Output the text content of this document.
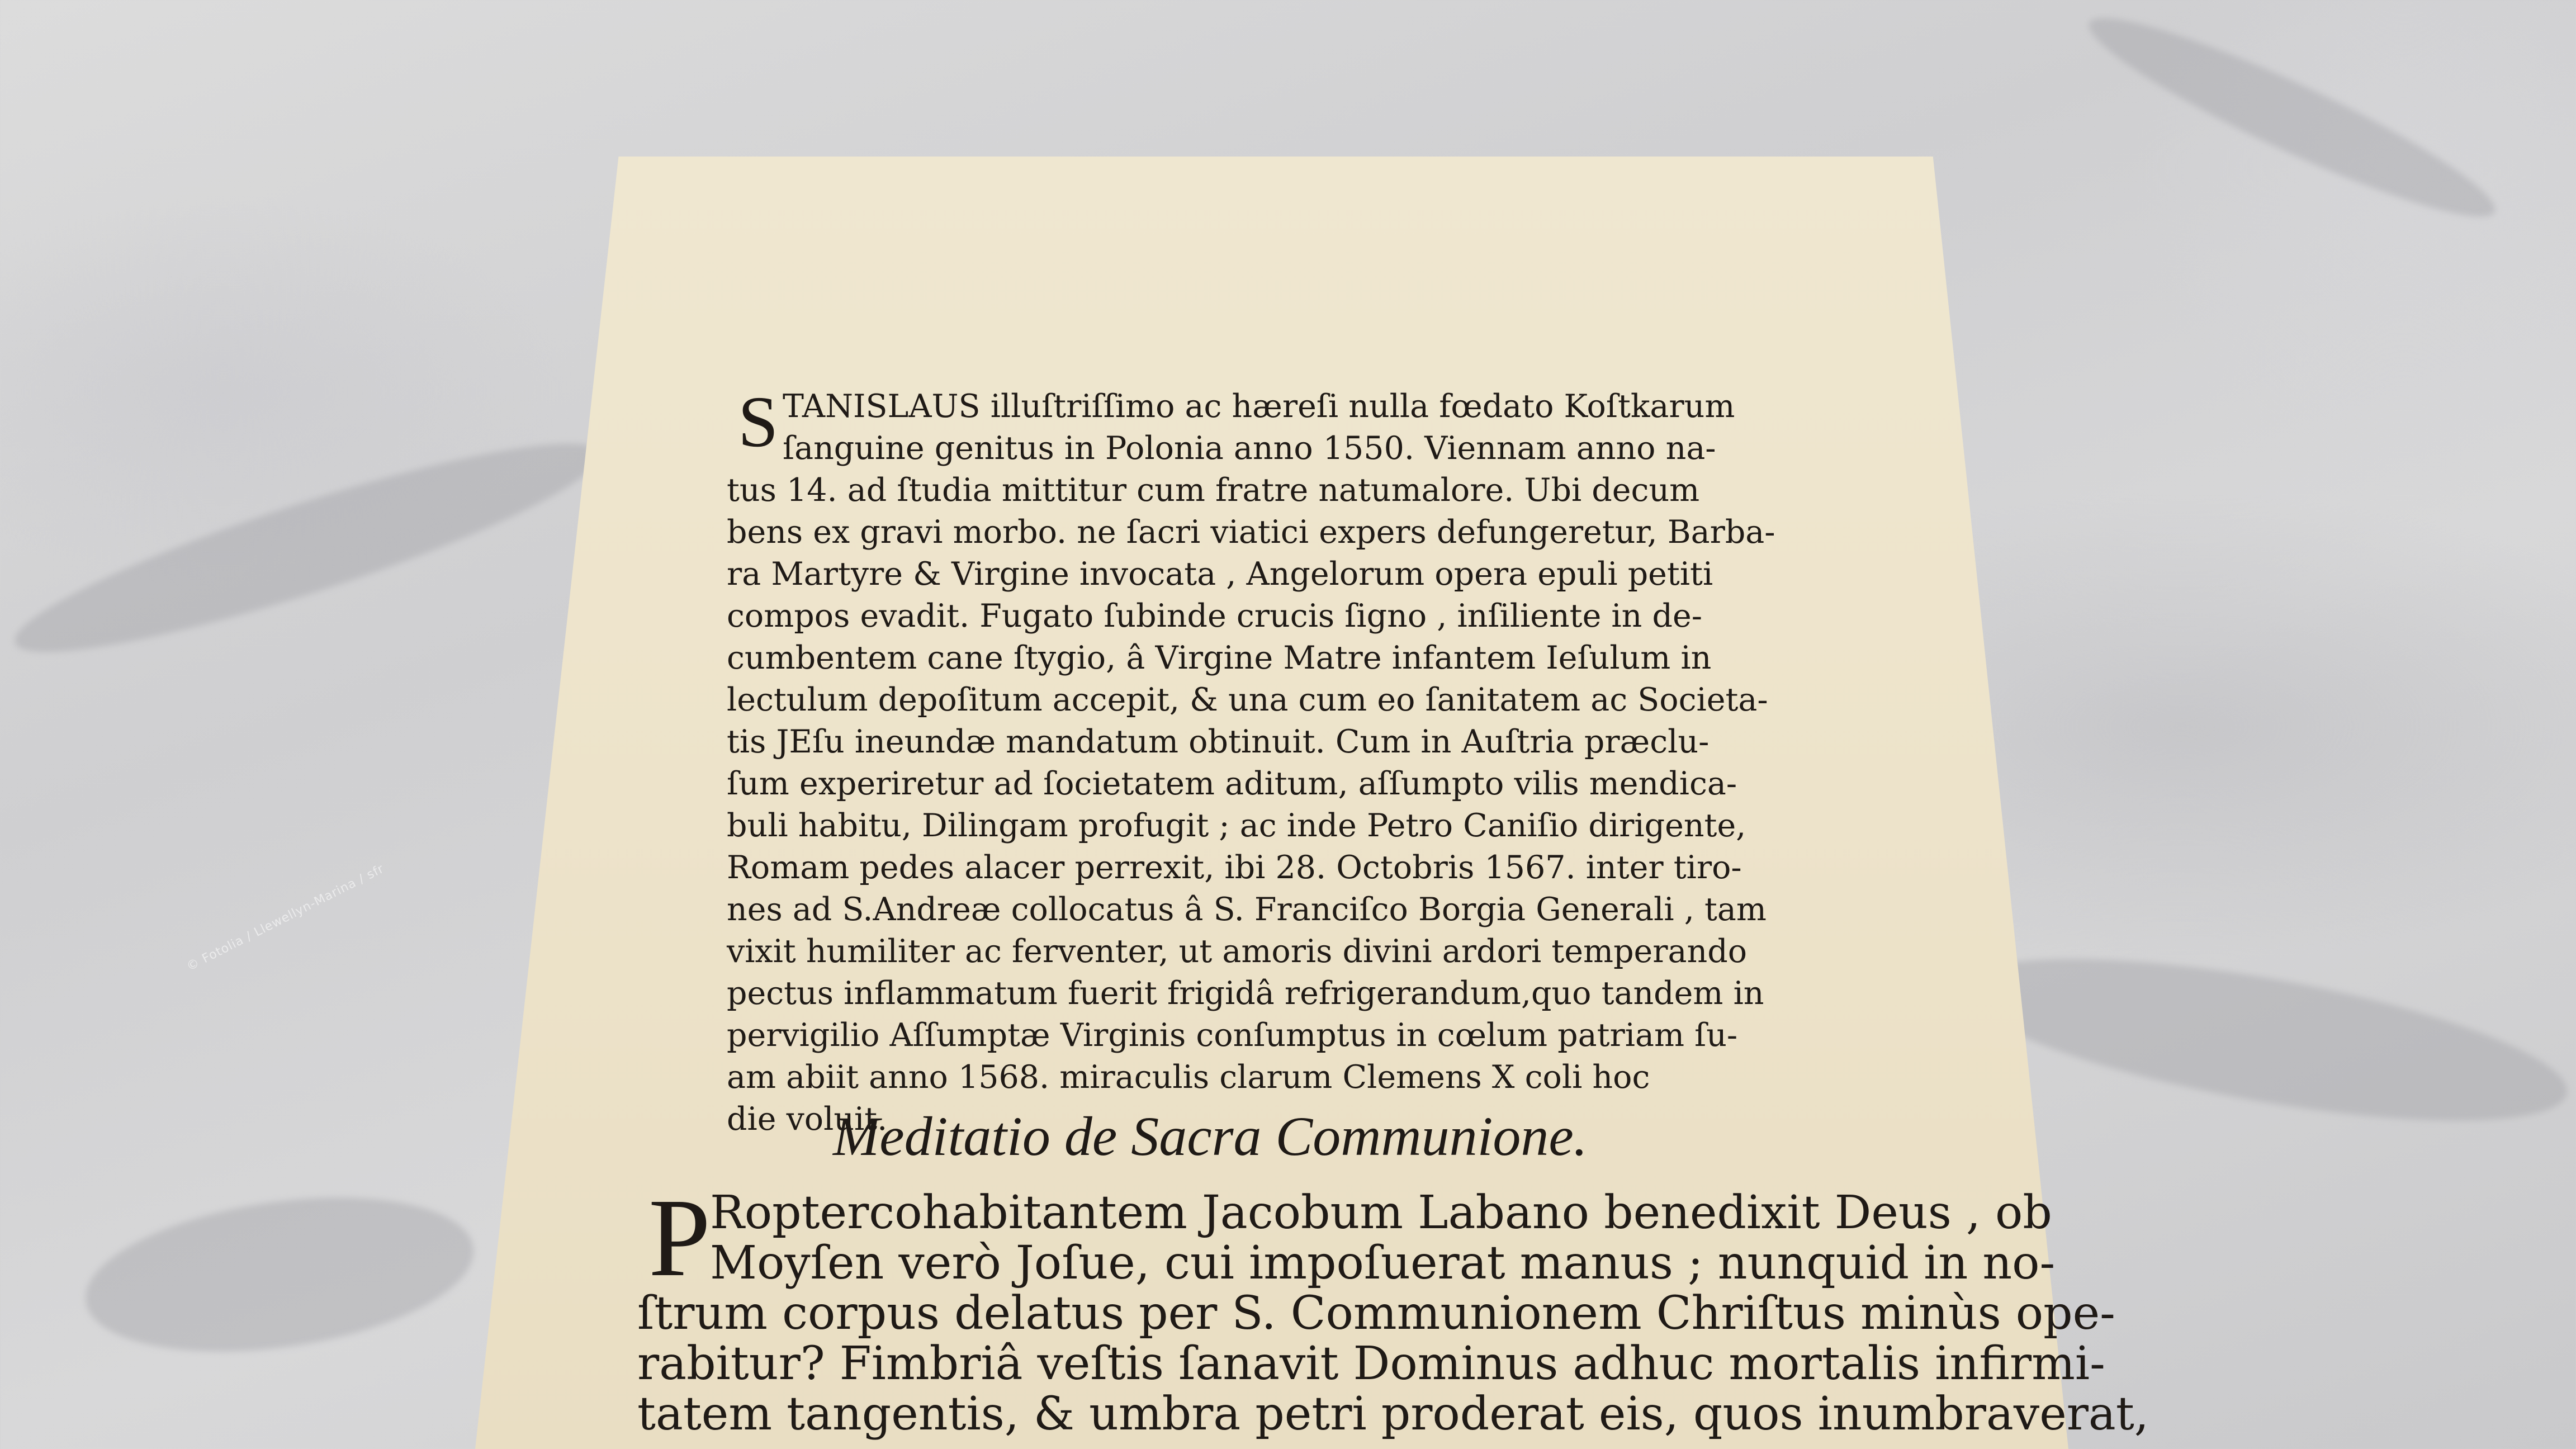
© Fotolia / Llewellyn-Marina / sfr
S TANISLAUS illuſtriſſimo ac hæreſi nulla fœdato Koſtkarum
ſanguine genitus in Polonia anno 1550. Viennam anno na-
tus 14. ad ſtudia mittitur cum fratre natumalore. Ubi decum
bens ex gravi morbo. ne ſacri viatici expers defungeretur, Barba-
ra Martyre & Virgine invocata , Angelorum opera epuli petiti
compos evadit. Fugato ſubinde crucis ſigno , inſiliente in de-
cumbentem cane ſtygio, â Virgine Matre infantem Ieſulum in
lectulum depoſitum accepit, & una cum eo ſanitatem ac Societa-
tis JEſu ineundæ mandatum obtinuit. Cum in Auſtria præclu-
ſum experiretur ad ſocietatem aditum, aſſumpto vilis mendica-
buli habitu, Dilingam profugit ; ac inde Petro Caniſio dirigente,
Romam pedes alacer perrexit, ibi 28. Octobris 1567. inter tiro-
nes ad S.Andreæ collocatus â S. Franciſco Borgia Generali , tam
vixit humiliter ac ferventer, ut amoris divini ardori temperando
pectus inflammatum fuerit frigidâ refrigerandum,quo tandem in
pervigilio Aſſumptæ Virginis conſumptus in cœlum patriam ſu-
am abiit anno 1568. miraculis clarum Clemens X coli hoc
die voluit.
Meditatio de Sacra Communione.
P
Roptercohabitantem Jacobum Labano benedixit Deus , ob
Moyſen verò Joſue, cui impoſuerat manus ; nunquid in no-
ſtrum corpus delatus per S. Communionem Chriſtus minùs ope-
rabitur? Fimbriâ veſtis ſanavit Dominus adhuc mortalis infirmi-
tatem tangentis, & umbra petri proderat eis, quos inumbraverat,
